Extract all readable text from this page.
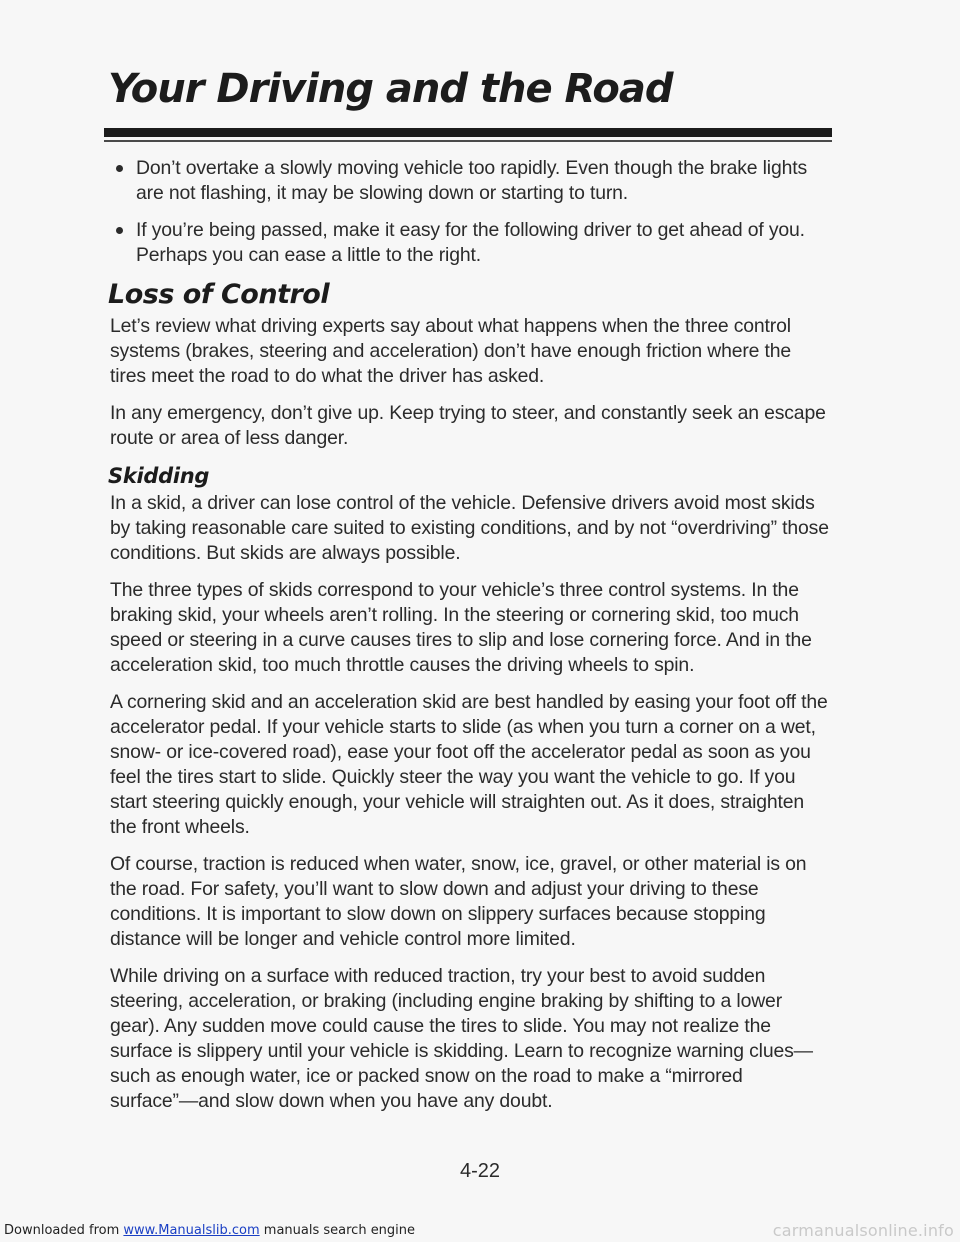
Your Driving and the Road
Don’t overtake a slowly moving vehicle too rapidly. Even though the brake lights are not flashing, it may be slowing down or starting to turn.
If you’re being passed, make it easy for the following driver to get ahead of you. Perhaps you can ease a little to the right.
Loss of Control

Let’s review what driving experts say about what happens when the three control systems (brakes, steering and acceleration) don’t have enough friction where the tires meet the road to do what the driver has asked.

In any emergency, don’t give up. Keep trying to steer, and constantly seek an escape route or area of less danger.

Skidding

In a skid, a driver can lose control of the vehicle. Defensive drivers avoid most skids by taking reasonable care suited to existing conditions, and by not “overdriving” those conditions. But skids are always possible.

The three types of skids correspond to your vehicle’s three control systems. In the braking skid, your wheels aren’t rolling. In the steering or cornering skid, too much speed or steering in a curve causes tires to slip and lose cornering force. And in the acceleration skid, too much throttle causes the driving wheels to spin.

A cornering skid and an acceleration skid are best handled by easing your foot off the accelerator pedal. If your vehicle starts to slide (as when you turn a corner on a wet, snow- or ice-covered road), ease your foot off the accelerator pedal as soon as you feel the tires start to slide. Quickly steer the way you want the vehicle to go. If you start steering quickly enough, your vehicle will straighten out. As it does, straighten the front wheels.

Of course, traction is reduced when water, snow, ice, gravel, or other material is on the road. For safety, you’ll want to slow down and adjust your driving to these conditions. It is important to slow down on slippery surfaces because stopping distance will be longer and vehicle control more limited.

While driving on a surface with reduced traction, try your best to avoid sudden steering, acceleration, or braking (including engine braking by shifting to a lower gear). Any sudden move could cause the tires to slide. You may not realize the surface is slippery until your vehicle is skidding. Learn to recognize warning clues—such as enough water, ice or packed snow on the road to make a “mirrored surface”—and slow down when you have any doubt.

4-22
Downloaded from www.Manualslib.com manuals search engine	carmanualsonline.info
